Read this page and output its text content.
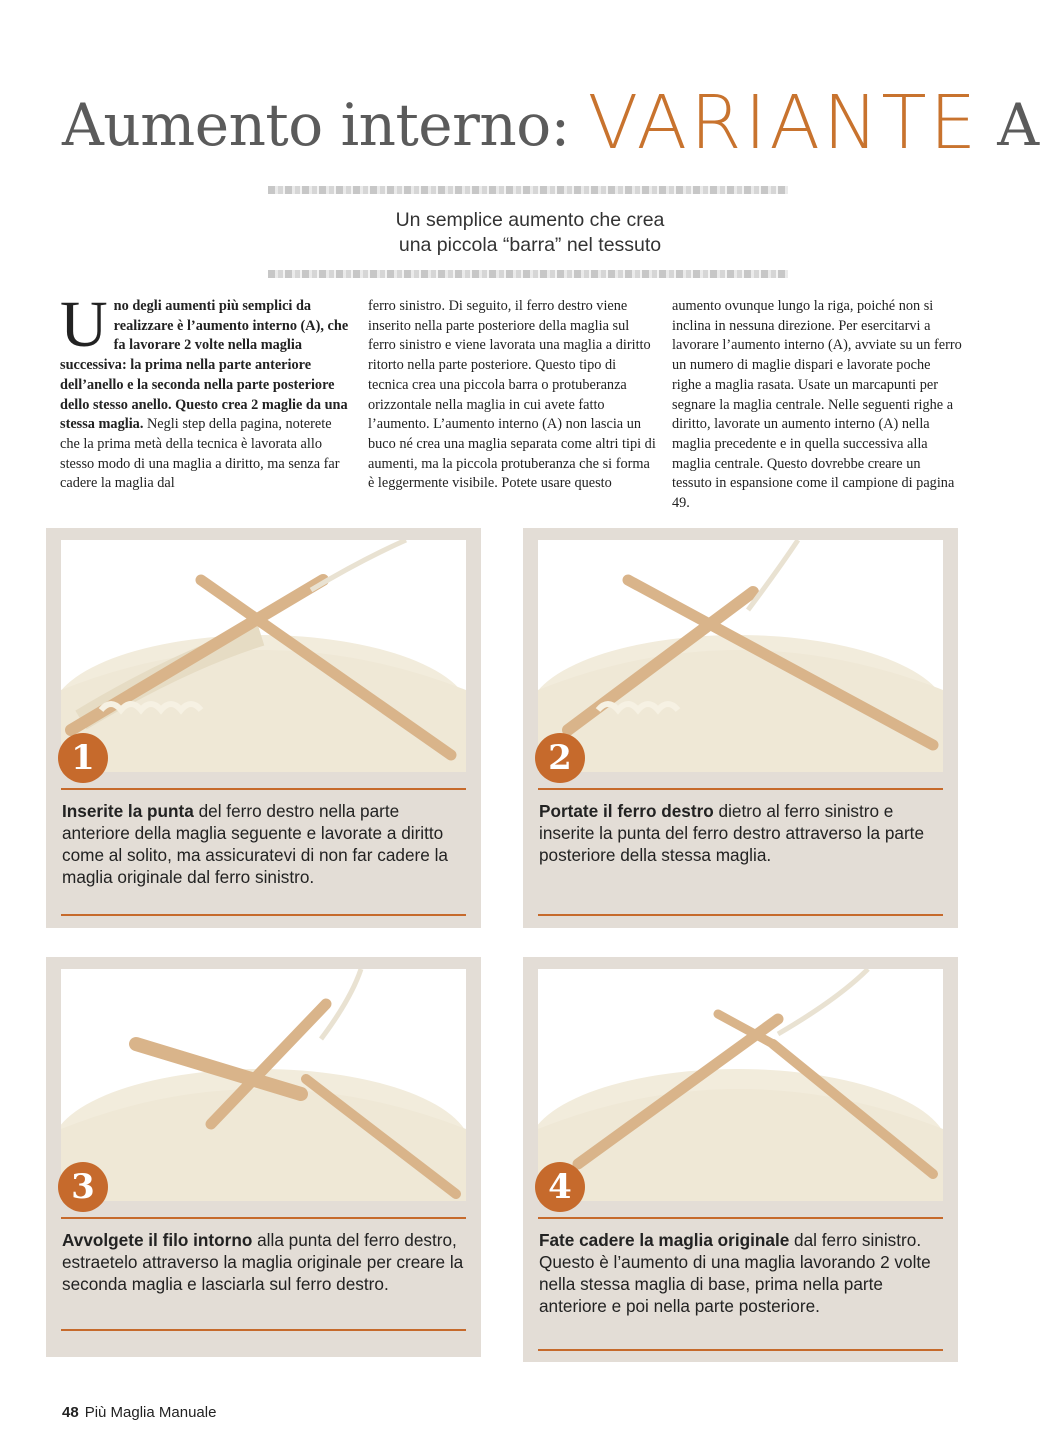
Aumento interno: VARIANTE A
Un semplice aumento che crea
una piccola “barra” nel tessuto
Uno degli aumenti più semplici da realizzare è l’aumento interno (A), che fa lavorare 2 volte nella maglia successiva: la prima nella parte anteriore dell’anello e la seconda nella parte posteriore dello stesso anello. Questo crea 2 maglie da una stessa maglia. Negli step della pagina, noterete che la prima metà della tecnica è lavorata allo stesso modo di una maglia a diritto, ma senza far cadere la maglia dal
ferro sinistro. Di seguito, il ferro destro viene inserito nella parte posteriore della maglia sul ferro sinistro e viene lavorata una maglia a diritto ritorto nella parte posteriore. Questo tipo di tecnica crea una piccola barra o protuberanza orizzontale nella maglia in cui avete fatto l’aumento. L’aumento interno (A) non lascia un buco né crea una maglia separata come altri tipi di aumenti, ma la piccola protuberanza che si forma è leggermente visibile. Potete usare questo
aumento ovunque lungo la riga, poiché non si inclina in nessuna direzione. Per esercitarvi a lavorare l’aumento interno (A), avviate su un ferro un numero di maglie dispari e lavorate poche righe a maglia rasata. Usate un marcapunti per segnare la maglia centrale. Nelle seguenti righe a diritto, lavorate un aumento interno (A) nella maglia precedente e in quella successiva alla maglia centrale. Questo dovrebbe creare un tessuto in espansione come il campione di pagina 49.
1
Inserite la punta del ferro destro nella parte anteriore della maglia seguente e lavorate a diritto come al solito, ma assicuratevi di non far cadere la maglia originale dal ferro sinistro.
2
Portate il ferro destro dietro al ferro sinistro e inserite la punta del ferro destro attraverso la parte posteriore della stessa maglia.
3
Avvolgete il filo intorno alla punta del ferro destro, estraetelo attraverso la maglia originale per creare la seconda maglia e lasciarla sul ferro destro.
4
Fate cadere la maglia originale dal ferro sinistro. Questo è l’aumento di una maglia lavorando 2 volte nella stessa maglia di base, prima nella parte anteriore e poi nella parte posteriore.
48 Più Maglia Manuale
